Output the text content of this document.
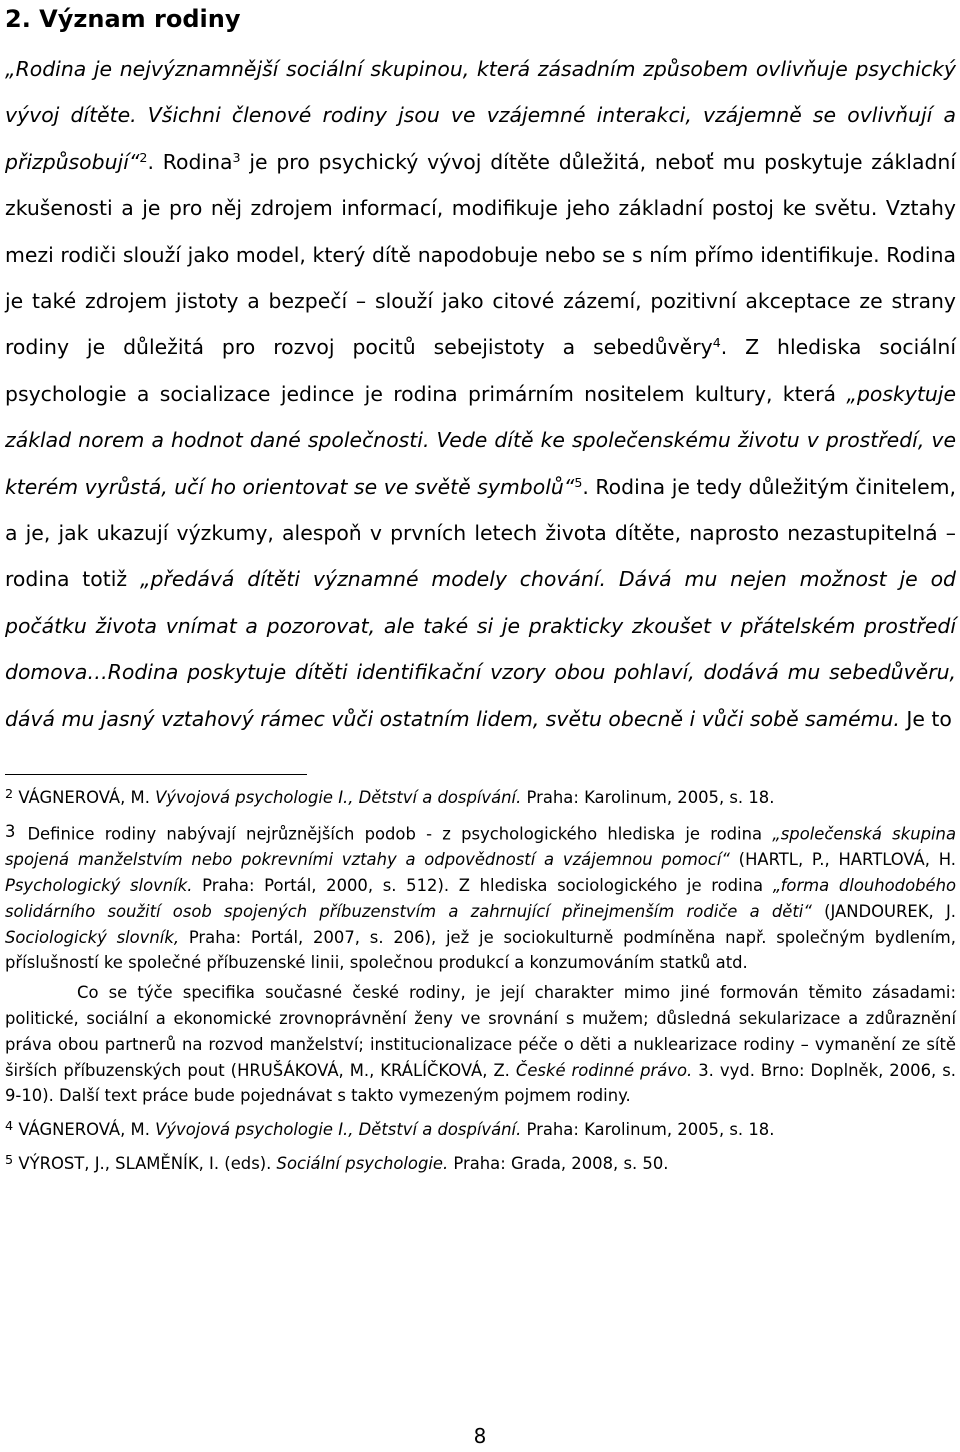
2. Význam rodiny

„Rodina je nejvýznamnější sociální skupinou, která zásadním způsobem ovlivňuje psychický vývoj dítěte. Všichni členové rodiny jsou ve vzájemné interakci, vzájemně se ovlivňují a přizpůsobují“$^2$. Rodina$^3$ je pro psychický vývoj dítěte důležitá, neboť mu poskytuje základní zkušenosti a je pro něj zdrojem informací, modifikuje jeho základní postoj ke světu. Vztahy mezi rodiči slouží jako model, který dítě napodobuje nebo se s ním přímo identifikuje. Rodina je také zdrojem jistoty a bezpečí – slouží jako citové zázemí, pozitivní akceptace ze strany rodiny je důležitá pro rozvoj pocitů sebejistoty a sebedůvěry$^4$. Z hlediska sociální psychologie a socializace jedince je rodina primárním nositelem kultury, která „poskytuje základ norem a hodnot dané společnosti. Vede dítě ke společenskému životu v prostředí, ve kterém vyrůstá, učí ho orientovat se ve světě symbolů“$^5$. Rodina je tedy důležitým činitelem, a je, jak ukazují výzkumy, alespoň v prvních letech života dítěte, naprosto nezastupitelná – rodina totiž „předává dítěti významné modely chování. Dává mu nejen možnost je od počátku života vnímat a pozorovat, ale také si je prakticky zkoušet v přátelském prostředí domova…Rodina poskytuje dítěti identifikační vzory obou pohlaví, dodává mu sebedůvěru, dává mu jasný vztahový rámec vůči ostatním lidem, světu obecně i vůči sobě samému. Je to

$^2$ VÁGNEROVÁ, M. Vývojová psychologie I., Dětství a dospívání. Praha: Karolinum, 2005, s. 18.

3 Definice rodiny nabývají nejrůznějších podob - z psychologického hlediska je rodina „společenská skupina spojená manželstvím nebo pokrevními vztahy a odpovědností a vzájemnou pomocí“ (HARTL, P., HARTLOVÁ, H. Psychologický slovník. Praha: Portál, 2000, s. 512). Z hlediska sociologického je rodina „forma dlouhodobého solidárního soužití osob spojených příbuzenstvím a zahrnující přinejmenším rodiče a děti“ (JANDOUREK, J. Sociologický slovník, Praha: Portál, 2007, s. 206), jež je sociokulturně podmíněna např. společným bydlením, příslušností ke společné příbuzenské linii, společnou produkcí a konzumováním statků atd.

Co se týče specifika současné české rodiny, je její charakter mimo jiné formován těmito zásadami: politické, sociální a ekonomické zrovnoprávnění ženy ve srovnání s mužem; důsledná sekularizace a zdůraznění práva obou partnerů na rozvod manželství; institucionalizace péče o děti a nuklearizace rodiny – vymanění ze sítě širších příbuzenských pout (HRUŠÁKOVÁ, M., KRÁLÍČKOVÁ, Z. České rodinné právo. 3. vyd. Brno: Doplněk, 2006, s. 9-10). Další text práce bude pojednávat s takto vymezeným pojmem rodiny.

$^4$ VÁGNEROVÁ, M. Vývojová psychologie I., Dětství a dospívání. Praha: Karolinum, 2005, s. 18.

$^5$ VÝROST, J., SLAMĚNÍK, I. (eds). Sociální psychologie. Praha: Grada, 2008, s. 50.

8
